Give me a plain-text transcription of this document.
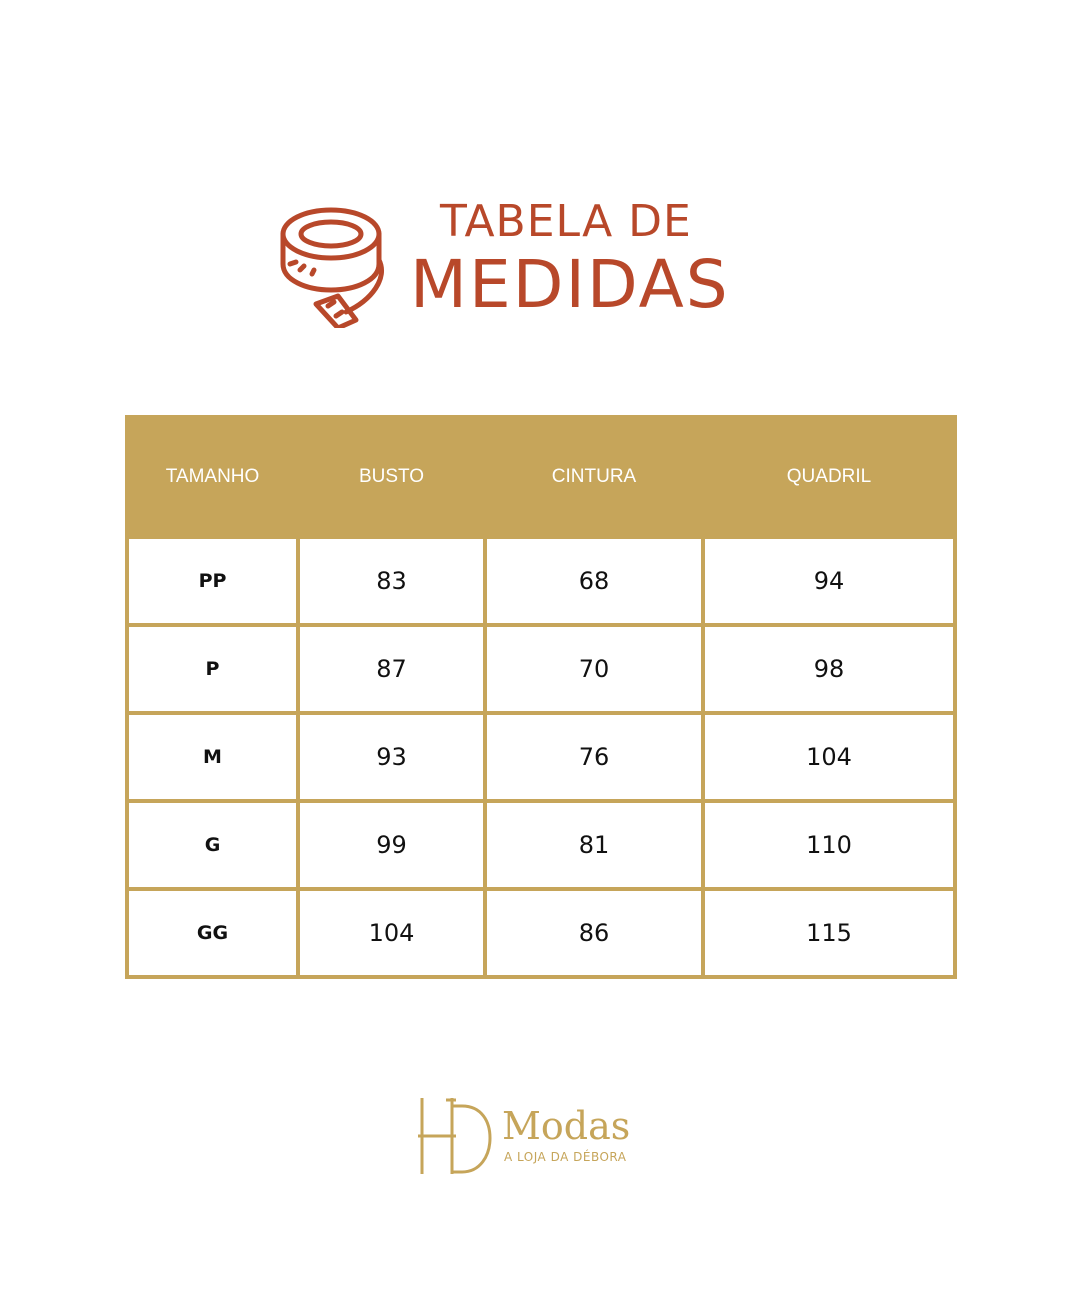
TABELA DE
MEDIDAS
TAMANHO	BUSTO	CINTURA	QUADRIL
PP	83	68	94
P	87	70	98
M	93	76	104
G	99	81	110
GG	104	86	115
Modas
A LOJA DA DÉBORA
